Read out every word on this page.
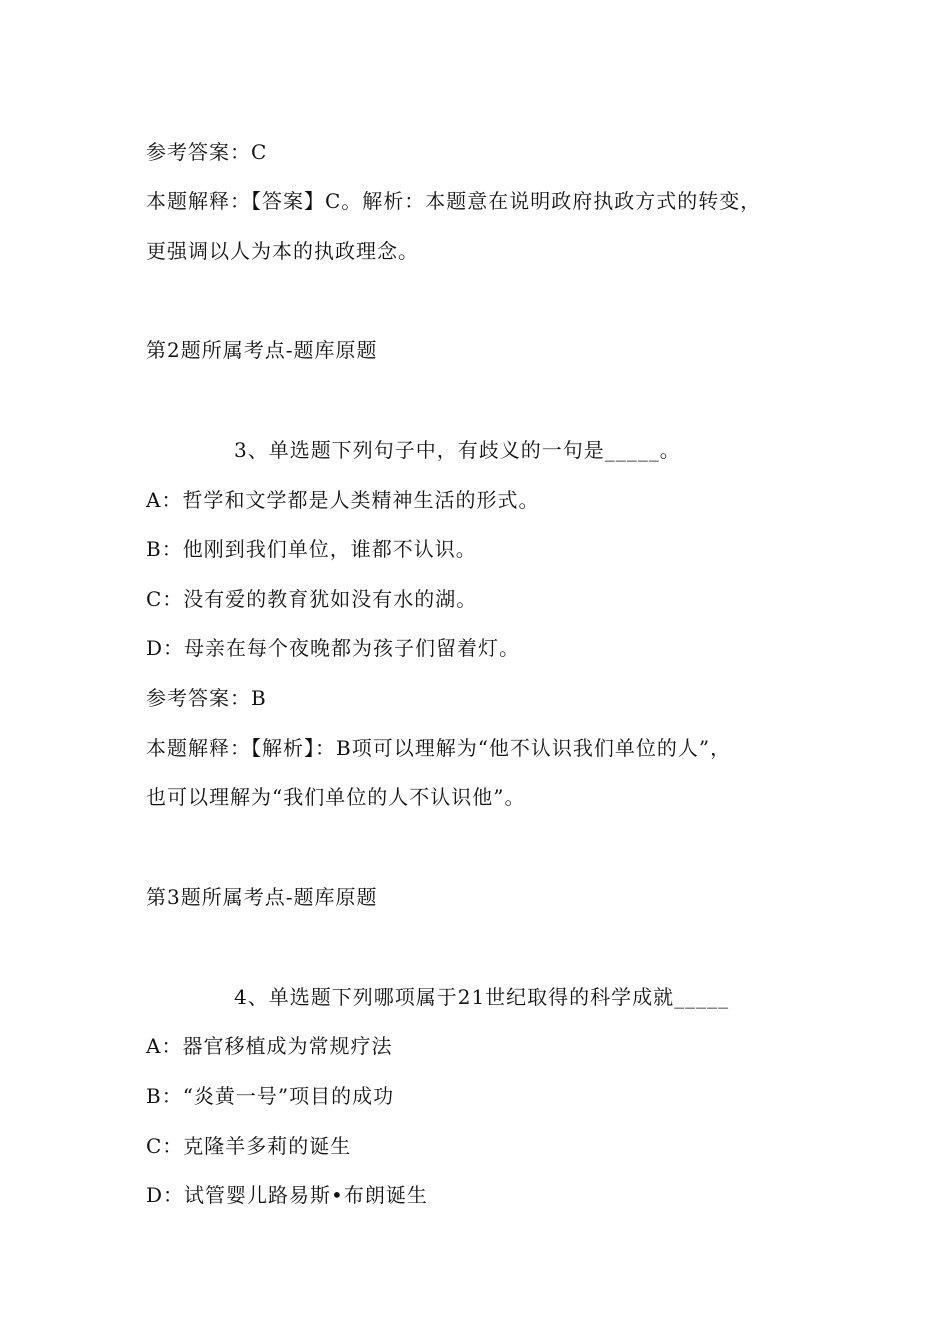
参考答案：C
本题解释：【答案】C。解析：本题意在说明政府执政方式的转变，
更强调以人为本的执政理念。
第2题所属考点-题库原题
3、单选题下列句子中，有歧义的一句是_____。
A：哲学和文学都是人类精神生活的形式。
B：他刚到我们单位，谁都不认识。
C：没有爱的教育犹如没有水的湖。
D：母亲在每个夜晚都为孩子们留着灯。
参考答案：B
本题解释：【解析】：B项可以理解为“他不认识我们单位的人”，
也可以理解为“我们单位的人不认识他”。
第3题所属考点-题库原题
4、单选题下列哪项属于21世纪取得的科学成就_____
A：器官移植成为常规疗法
B：“炎黄一号”项目的成功
C：克隆羊多莉的诞生
D：试管婴儿路易斯•布朗诞生
